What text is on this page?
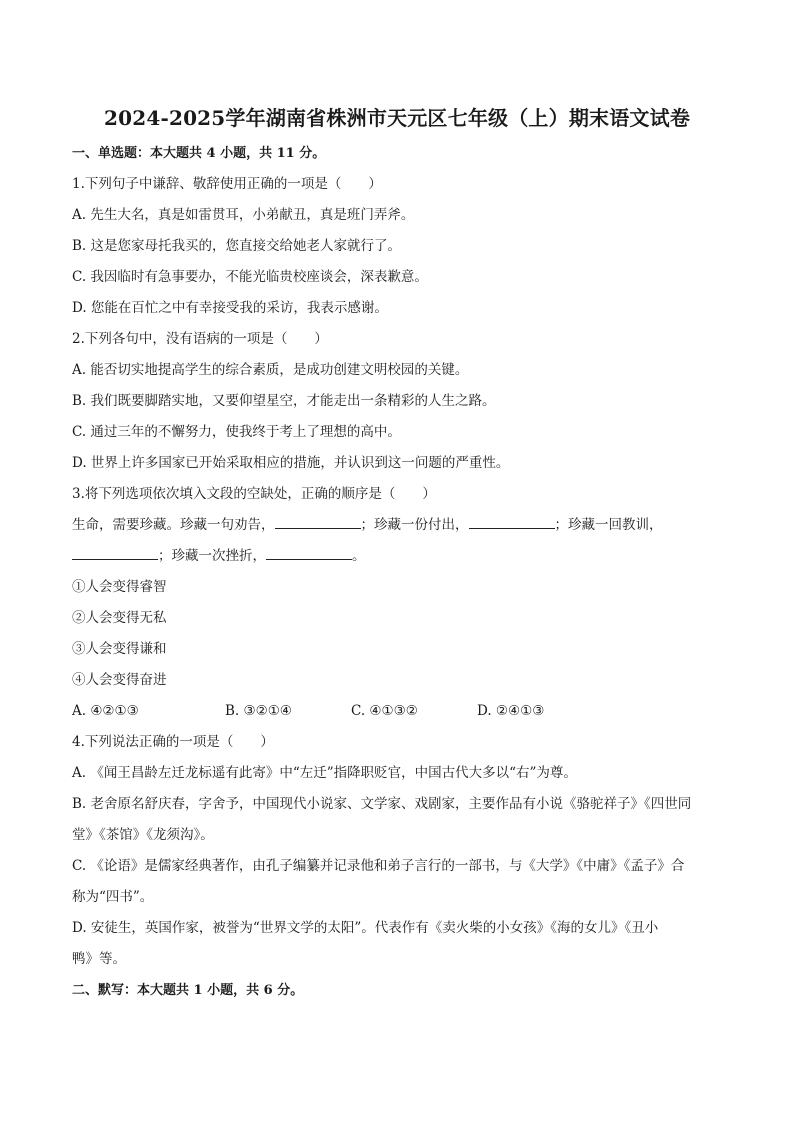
2024-2025学年湖南省株洲市天元区七年级（上）期末语文试卷
一、单选题：本大题共 4 小题，共 11 分。
1.下列句子中谦辞、敬辞使用正确的一项是（　　）
A. 先生大名，真是如雷贯耳，小弟献丑，真是班门弄斧。
B. 这是您家母托我买的，您直接交给她老人家就行了。
C. 我因临时有急事要办，不能光临贵校座谈会，深表歉意。
D. 您能在百忙之中有幸接受我的采访，我表示感谢。
2.下列各句中，没有语病的一项是（　　）
A. 能否切实地提高学生的综合素质，是成功创建文明校园的关键。
B. 我们既要脚踏实地，又要仰望星空，才能走出一条精彩的人生之路。
C. 通过三年的不懈努力，使我终于考上了理想的高中。
D. 世界上许多国家已开始采取相应的措施，并认识到这一问题的严重性。
3.将下列选项依次填入文段的空缺处，正确的顺序是（　　）
生命，需要珍藏。珍藏一句劝告，	；珍藏一份付出，	；珍藏一回教训，
；珍藏一次挫折，	。
①人会变得睿智
②人会变得无私
③人会变得谦和
④人会变得奋进
A. ④②①③	B. ③②①④	C. ④①③②	D. ②④①③
4.下列说法正确的一项是（　　）
A. 《闻王昌龄左迁龙标遥有此寄》中“左迁”指降职贬官，中国古代大多以“右”为尊。
B. 老舍原名舒庆春，字舍予，中国现代小说家、文学家、戏剧家，主要作品有小说《骆驼祥子》《四世同
堂》《茶馆》《龙须沟》。
C. 《论语》是儒家经典著作，由孔子编纂并记录他和弟子言行的一部书，与《大学》《中庸》《孟子》合
称为“四书”。
D. 安徒生，英国作家，被誉为“世界文学的太阳”。代表作有《卖火柴的小女孩》《海的女儿》《丑小
鸭》等。
二、默写：本大题共 1 小题，共 6 分。
